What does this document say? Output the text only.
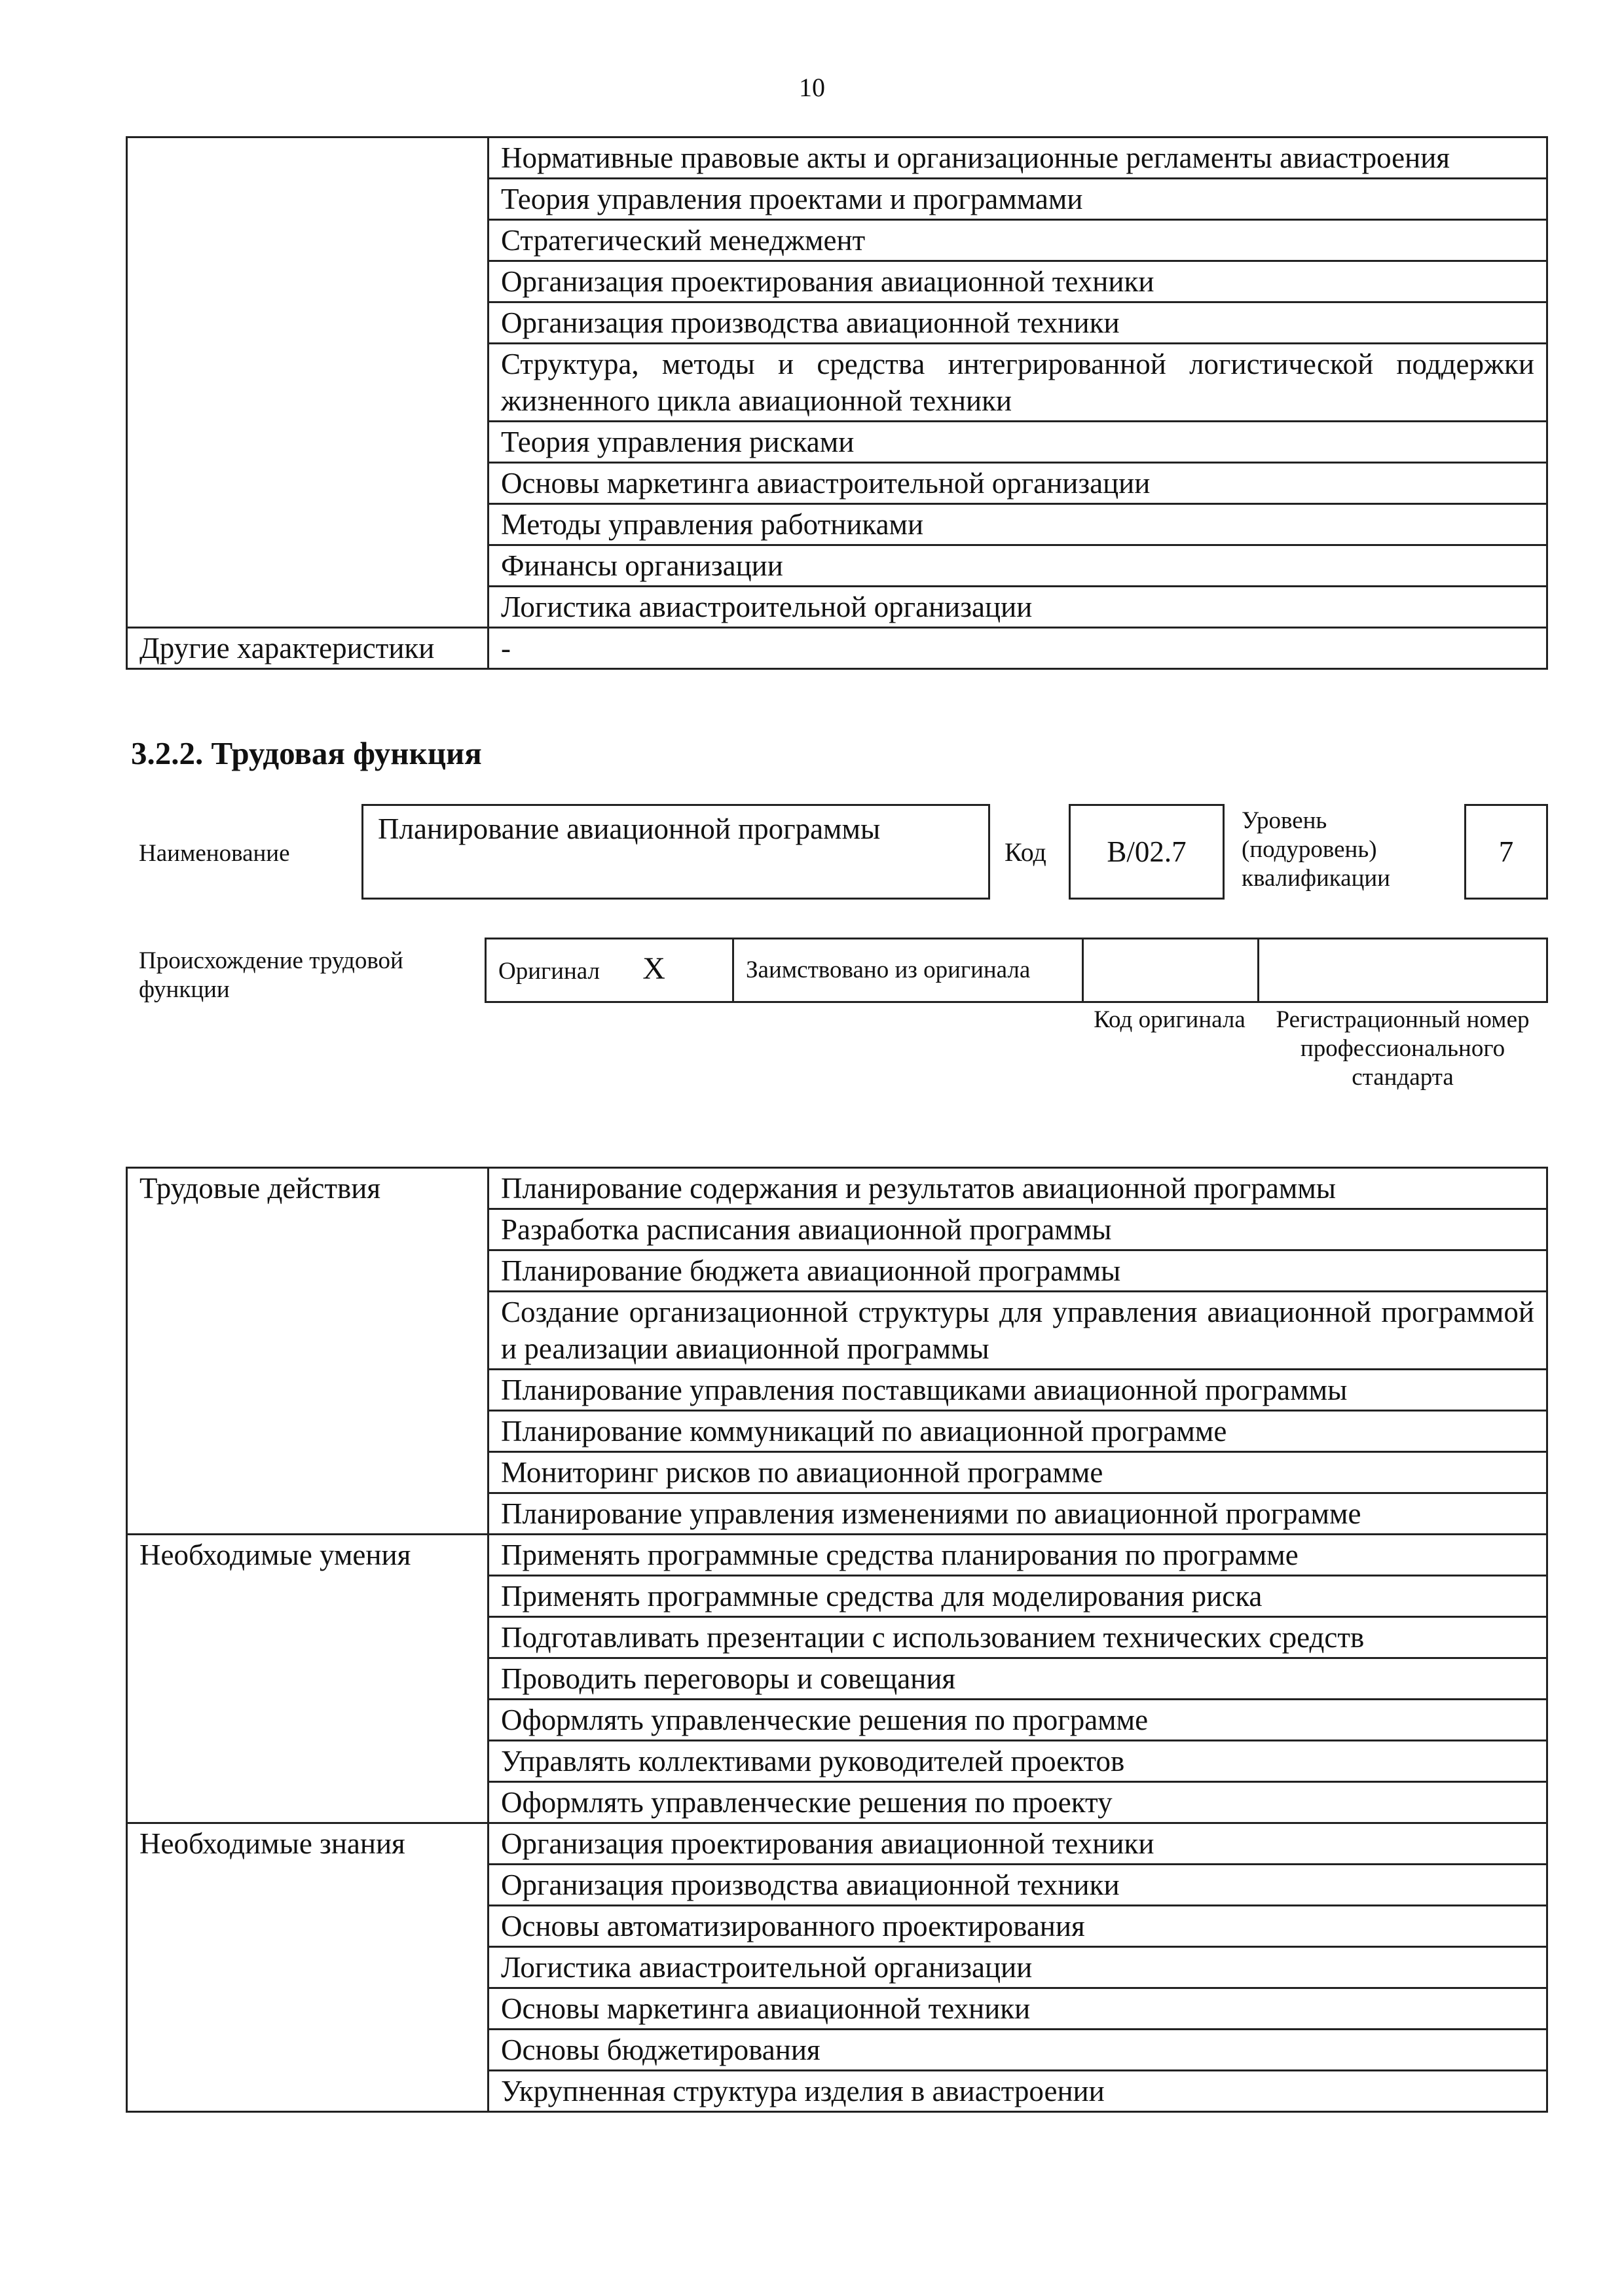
10
	Нормативные правовые акты и организационные регламенты авиастроения
	Теория управления проектами и программами
	Стратегический менеджмент
	Организация проектирования авиационной техники
	Организация производства авиационной техники
	Структура, методы и средства интегрированной логистической поддержки жизненного цикла авиационной техники
	Теория управления рисками
	Основы маркетинга авиастроительной организации
	Методы управления работниками
	Финансы организации
	Логистика авиастроительной организации
Другие характеристики	-
3.2.2. Трудовая функция
Наименование
Планирование авиационной программы
Код	B/02.7
Уровень (подуровень) квалификации
7
Происхождение трудовой функции
Оригинал X	Заимствовано из оригинала		
Код оригинала	Регистрационный номер профессионального стандарта
Трудовые действия	Планирование содержания и результатов авиационной программы
	Разработка расписания авиационной программы
	Планирование бюджета авиационной программы
	Создание организационной структуры для управления авиационной программой и реализации авиационной программы
	Планирование управления поставщиками авиационной программы
	Планирование коммуникаций по авиационной программе
	Мониторинг рисков по авиационной программе
	Планирование управления изменениями по авиационной программе
Необходимые умения	Применять программные средства планирования по программе
	Применять программные средства для моделирования риска
	Подготавливать презентации с использованием технических средств
	Проводить переговоры и совещания
	Оформлять управленческие решения по программе
	Управлять коллективами руководителей проектов
	Оформлять управленческие решения по проекту
Необходимые знания	Организация проектирования авиационной техники
	Организация производства авиационной техники
	Основы автоматизированного проектирования
	Логистика авиастроительной организации
	Основы маркетинга авиационной техники
	Основы бюджетирования
	Укрупненная структура изделия в авиастроении
